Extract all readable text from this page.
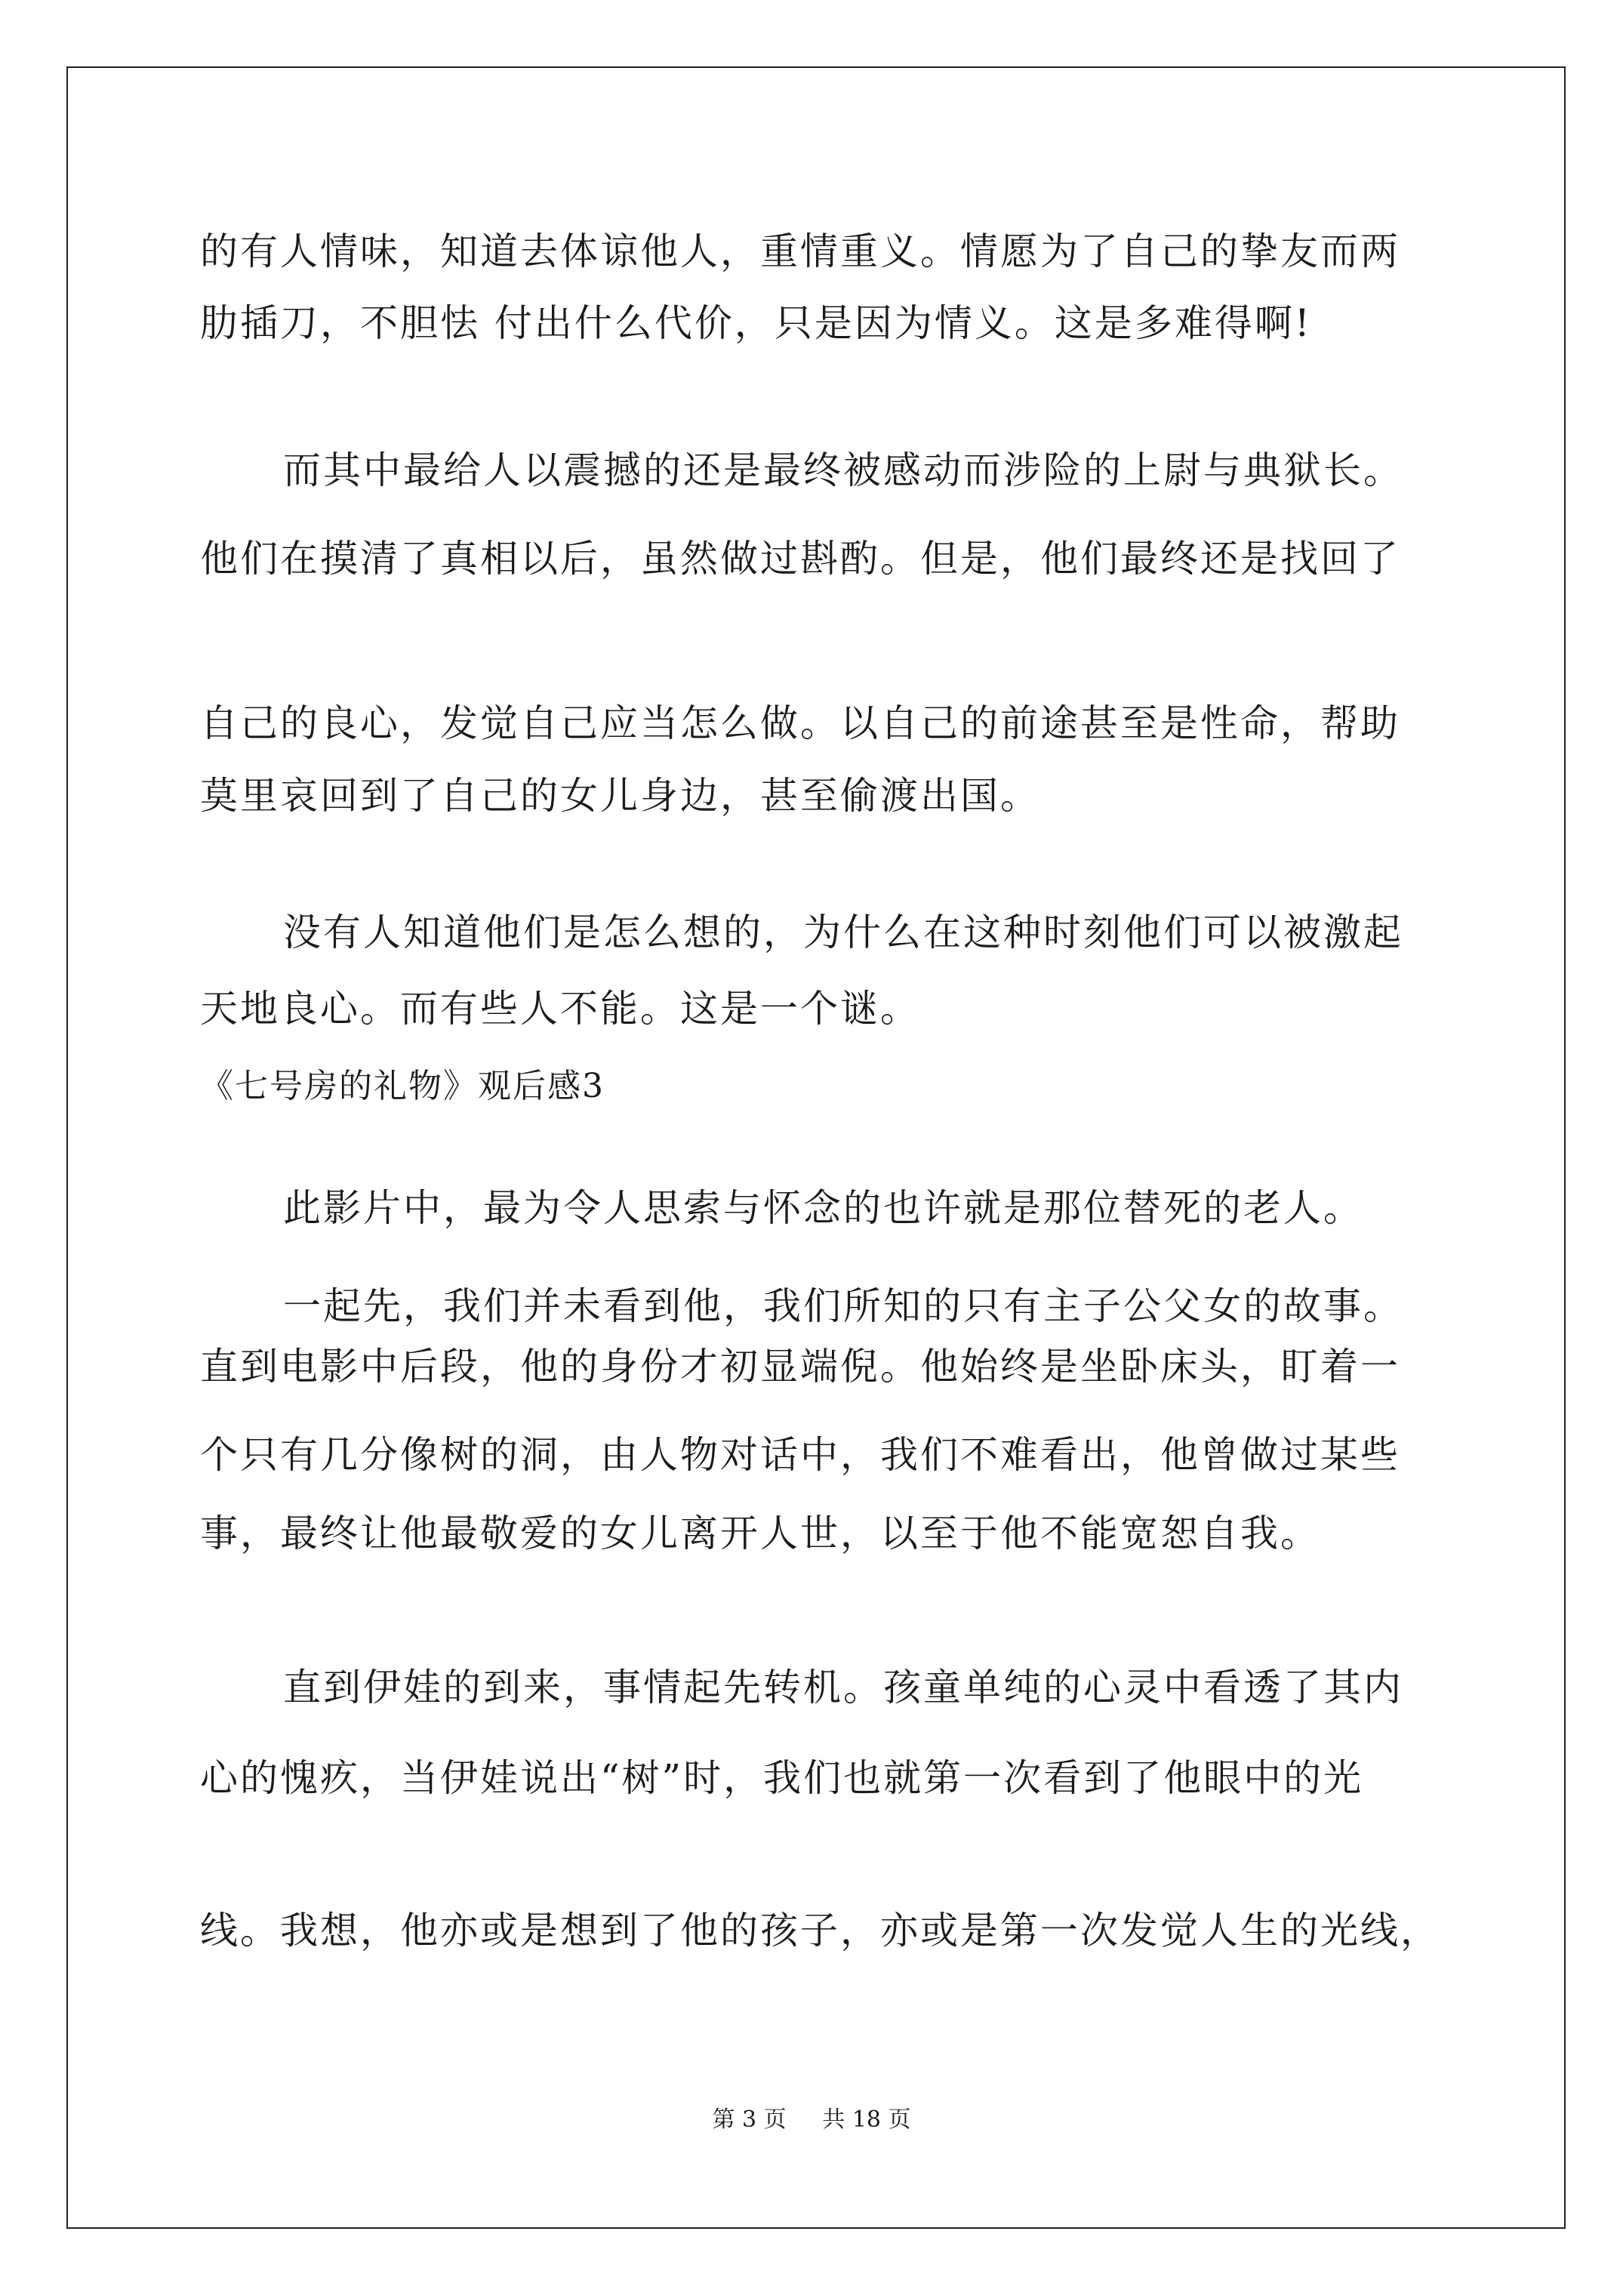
的有人情味，知道去体谅他人，重情重义。情愿为了自己的挚友而两
肋插刀，不胆怯 付出什么代价，只是因为情义。这是多难得啊!
而其中最给人以震撼的还是最终被感动而涉险的上尉与典狱长。
他们在摸清了真相以后，虽然做过斟酌。但是，他们最终还是找回了
自己的良心，发觉自己应当怎么做。以自己的前途甚至是性命，帮助
莫里哀回到了自己的女儿身边，甚至偷渡出国。
没有人知道他们是怎么想的，为什么在这种时刻他们可以被激起
天地良心。而有些人不能。这是一个谜。
《七号房的礼物》观后感3
此影片中，最为令人思索与怀念的也许就是那位替死的老人。
一起先，我们并未看到他，我们所知的只有主子公父女的故事。
直到电影中后段，他的身份才初显端倪。他始终是坐卧床头，盯着一
个只有几分像树的洞，由人物对话中，我们不难看出，他曾做过某些
事，最终让他最敬爱的女儿离开人世，以至于他不能宽恕自我。
直到伊娃的到来，事情起先转机。孩童单纯的心灵中看透了其内
心的愧疚，当伊娃说出“树”时，我们也就第一次看到了他眼中的光
线。我想，他亦或是想到了他的孩子，亦或是第一次发觉人生的光线，
第 3 页     共 18 页
